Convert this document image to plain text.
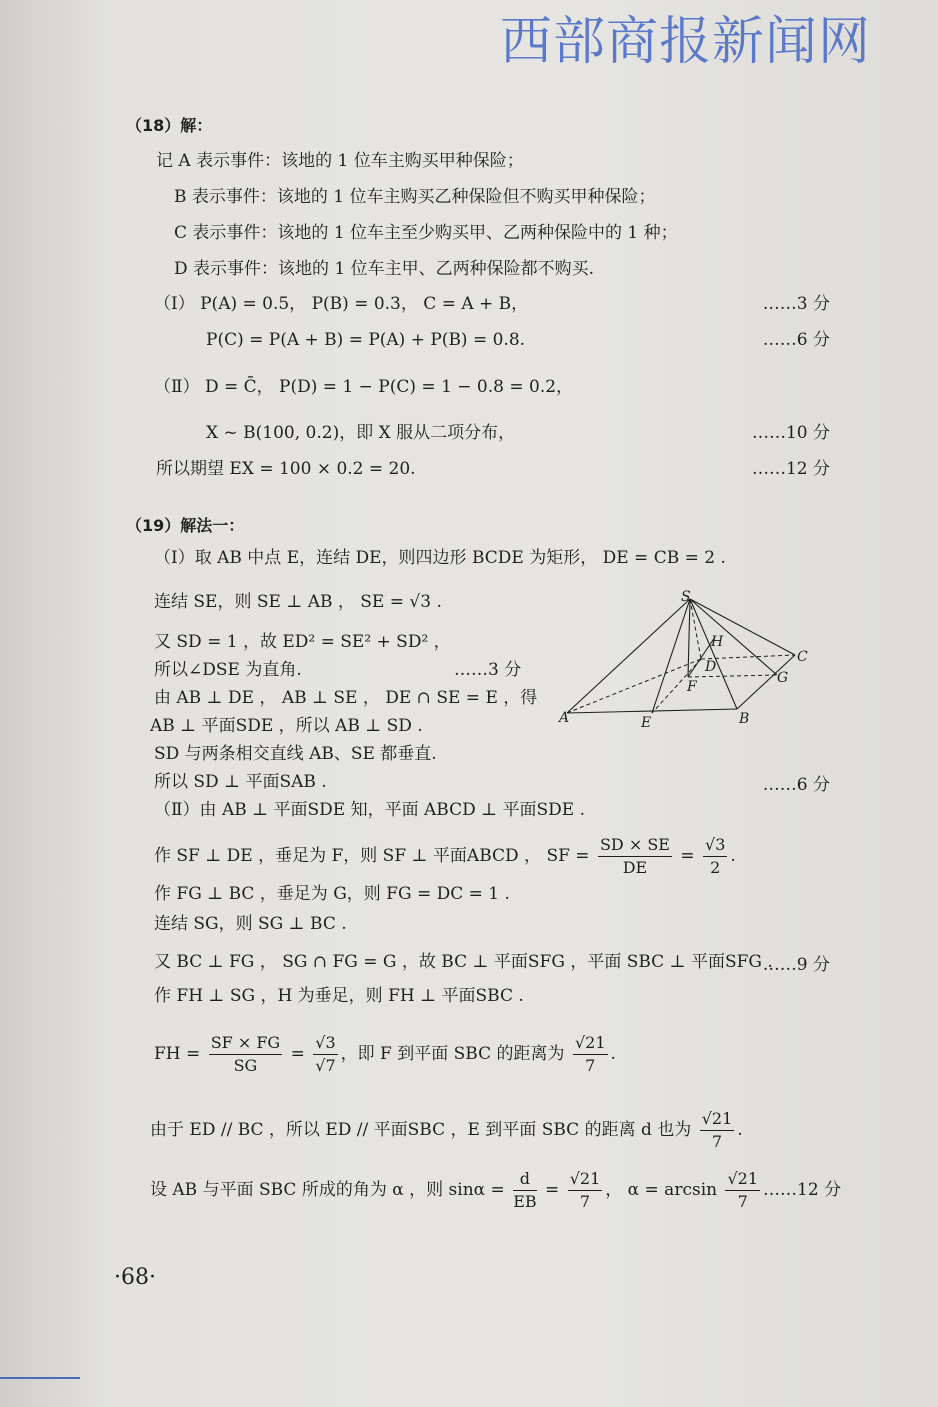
西部商报新闻网
（18）解：
记 A 表示事件：该地的 1 位车主购买甲种保险；
B 表示事件：该地的 1 位车主购买乙种保险但不购买甲种保险；
C 表示事件：该地的 1 位车主至少购买甲、乙两种保险中的 1 种；
D 表示事件：该地的 1 位车主甲、乙两种保险都不购买.
（Ⅰ） P(A) = 0.5， P(B) = 0.3， C = A + B，	……3 分
P(C) = P(A + B) = P(A) + P(B) = 0.8.	……6 分
（Ⅱ） D = C̄， P(D) = 1 − P(C) = 1 − 0.8 = 0.2，
X ~ B(100, 0.2)，即 X 服从二项分布，	……10 分
所以期望 EX = 100 × 0.2 = 20.	……12 分
（19）解法一：
（Ⅰ）取 AB 中点 E，连结 DE，则四边形 BCDE 为矩形， DE = CB = 2 .
连结 SE，则 SE ⊥ AB ， SE = √3 .
又 SD = 1 ，故 ED² = SE² + SD² ，
所以∠DSE 为直角.	……3 分
由 AB ⊥ DE ， AB ⊥ SE ， DE ∩ SE = E ，得
AB ⊥ 平面SDE ，所以 AB ⊥ SD .
SD 与两条相交直线 AB、SE 都垂直.
所以 SD ⊥ 平面SAB .	……6 分
（Ⅱ）由 AB ⊥ 平面SDE 知，平面 ABCD ⊥ 平面SDE .
作 SF ⊥ DE ，垂足为 F，则 SF ⊥ 平面ABCD ， SF = $\frac{SD \times SE}{DE} = \frac{√3}{2}$ .
作 FG ⊥ BC ，垂足为 G，则 FG = DC = 1 .
连结 SG，则 SG ⊥ BC .
又 BC ⊥ FG ， SG ∩ FG = G ，故 BC ⊥ 平面SFG ，平面 SBC ⊥ 平面SFG .
……9 分
作 FH ⊥ SG ，H 为垂足，则 FH ⊥ 平面SBC .
FH = $\frac{SF \times FG}{SG} = \frac{√3}{√7}$ ，即 F 到平面 SBC 的距离为 $\frac{√21}{7}$ .
由于 ED // BC ，所以 ED // 平面SBC ，E 到平面 SBC 的距离 d 也为 $\frac{√21}{7}$ .
设 AB 与平面 SBC 所成的角为 α ，则 $\sin\alpha = \frac{d}{EB} = \frac{√21}{7}$ ， $\alpha = \arcsin \frac{√21}{7}$ ……12 分
S
H
C
D
G
F
A	E	B
·68·
